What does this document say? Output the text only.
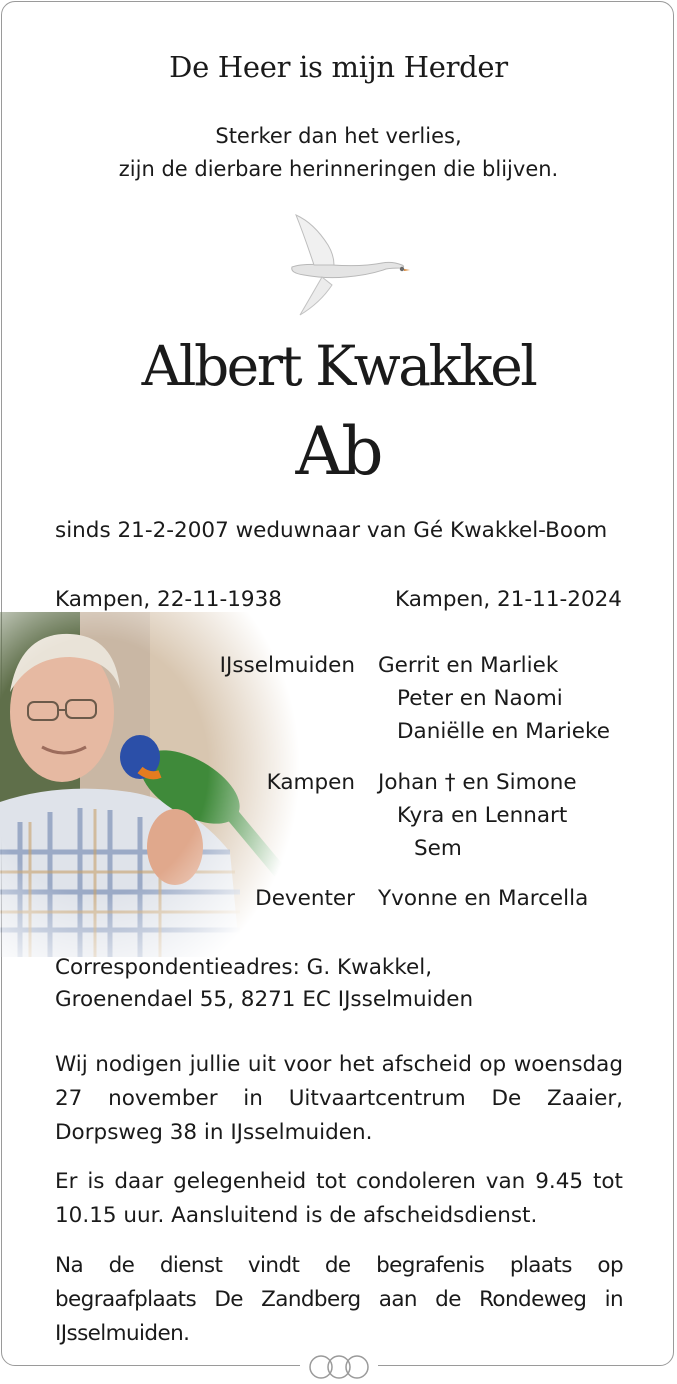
De Heer is mijn Herder
Sterker dan het verlies,
zijn de dierbare herinneringen die blijven.
Albert Kwakkel
Ab
sinds 21-2-2007 weduwnaar van Gé Kwakkel-Boom
Kampen, 22-11-1938	Kampen, 21-11-2024
IJsselmuiden Gerrit en Marliek
Peter en Naomi
Daniëlle en Marieke
Kampen Johan † en Simone
Kyra en Lennart
Sem
Deventer Yvonne en Marcella
Correspondentieadres: G. Kwakkel,
Groenendael 55, 8271 EC IJsselmuiden
Wij nodigen jullie uit voor het afscheid op woensdag 27 november in Uitvaartcentrum De Zaaier, Dorpsweg 38 in IJsselmuiden.
Er is daar gelegenheid tot condoleren van 9.45 tot 10.15 uur. Aansluitend is de afscheidsdienst.
Na de dienst vindt de begrafenis plaats op begraafplaats De Zandberg aan de Rondeweg in IJsselmuiden.
